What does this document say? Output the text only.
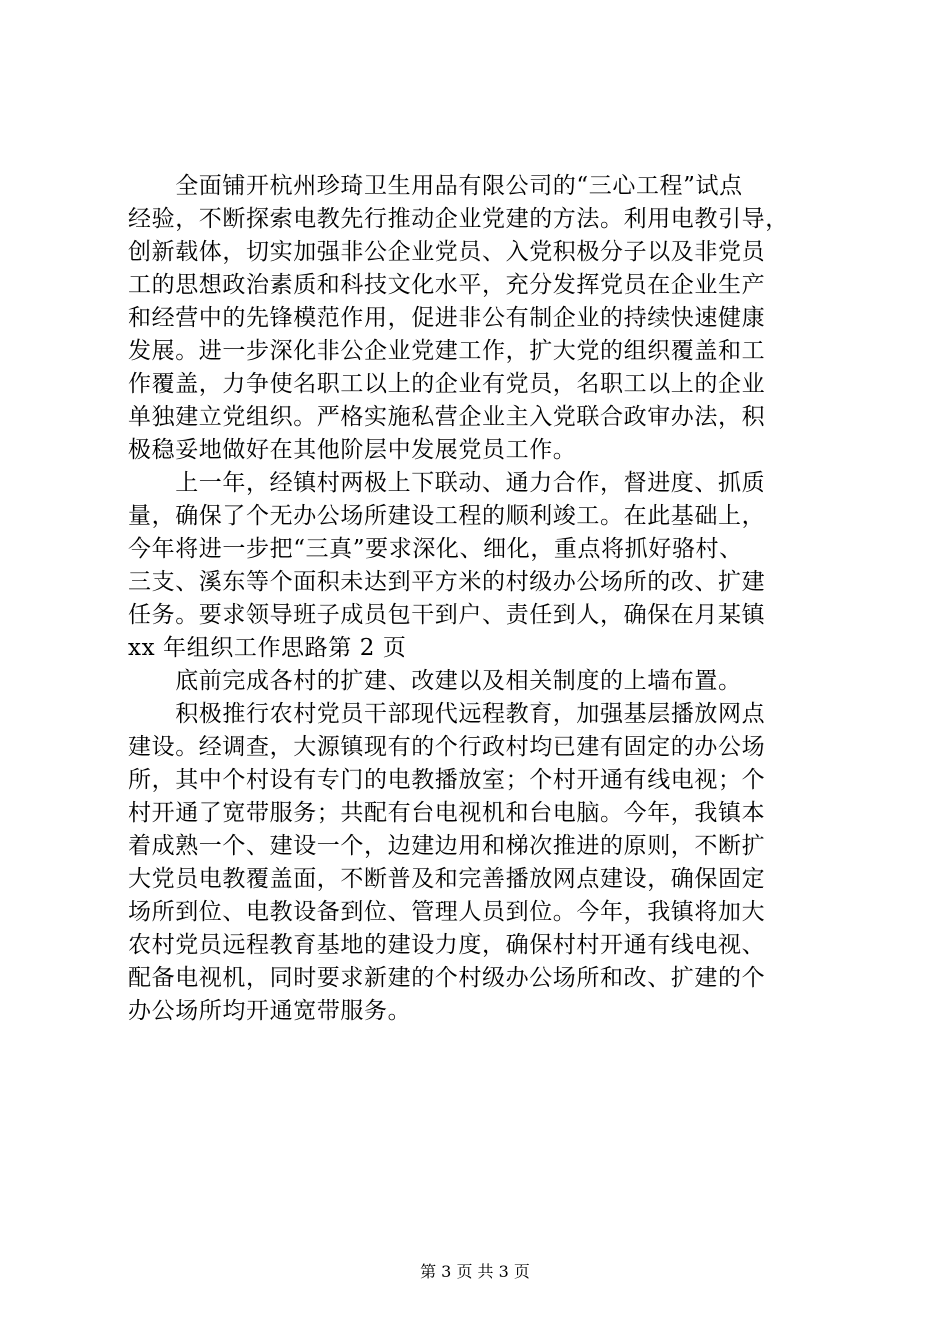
　　全面铺开杭州珍琦卫生用品有限公司的“三心工程”试点
经验，不断探索电教先行推动企业党建的方法。利用电教引导，
创新载体，切实加强非公企业党员、入党积极分子以及非党员
工的思想政治素质和科技文化水平，充分发挥党员在企业生产
和经营中的先锋模范作用，促进非公有制企业的持续快速健康
发展。进一步深化非公企业党建工作，扩大党的组织覆盖和工
作覆盖，力争使名职工以上的企业有党员，名职工以上的企业
单独建立党组织。严格实施私营企业主入党联合政审办法，积
极稳妥地做好在其他阶层中发展党员工作。
　　上一年，经镇村两极上下联动、通力合作，督进度、抓质
量，确保了个无办公场所建设工程的顺利竣工。在此基础上，
今年将进一步把“三真”要求深化、细化，重点将抓好骆村、
三支、溪东等个面积未达到平方米的村级办公场所的改、扩建
任务。要求领导班子成员包干到户、责任到人，确保在月某镇
xx 年组织工作思路第 2 页
　　底前完成各村的扩建、改建以及相关制度的上墙布置。
　　积极推行农村党员干部现代远程教育，加强基层播放网点
建设。经调查，大源镇现有的个行政村均已建有固定的办公场
所，其中个村设有专门的电教播放室；个村开通有线电视；个
村开通了宽带服务；共配有台电视机和台电脑。今年，我镇本
着成熟一个、建设一个，边建边用和梯次推进的原则，不断扩
大党员电教覆盖面，不断普及和完善播放网点建设，确保固定
场所到位、电教设备到位、管理人员到位。今年，我镇将加大
农村党员远程教育基地的建设力度，确保村村开通有线电视、
配备电视机，同时要求新建的个村级办公场所和改、扩建的个
办公场所均开通宽带服务。
第 3 页 共 3 页
